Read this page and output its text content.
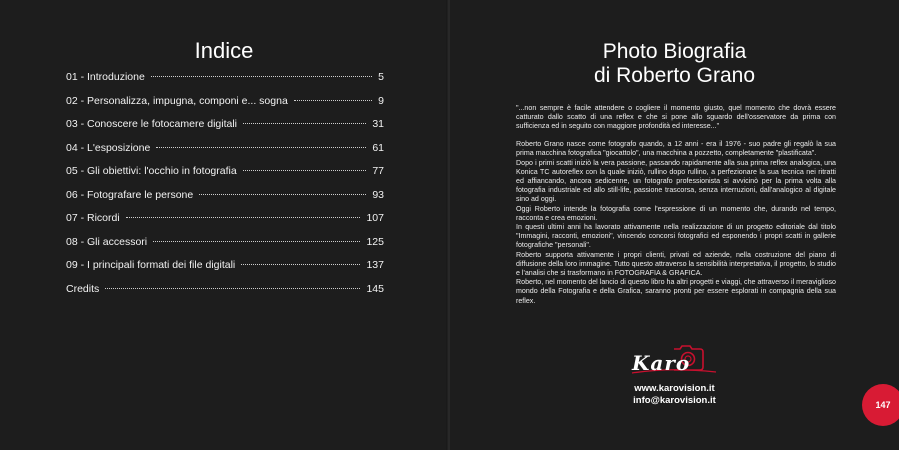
Indice
01 - Introduzione	5
02 - Personalizza, impugna, componi e... sogna	9
03 - Conoscere le fotocamere digitali	31
04 - L'esposizione	61
05 - Gli obiettivi: l'occhio in fotografia	77
06 - Fotografare le persone	93
07 - Ricordi	107
08 - Gli accessori	125
09 - I principali formati dei file digitali	137
Credits	145
Photo Biografia
di Roberto Grano

"...non sempre è facile attendere o cogliere il momento giusto, quel momento che dovrà essere catturato dallo scatto di una reflex e che si pone allo sguardo dell'osservatore da prima con sufficienza ed in seguito con maggiore profondità ed interesse..."

Roberto Grano nasce come fotografo quando, a 12 anni - era il 1976 - suo padre gli regalò la sua prima macchina fotografica "giocattolo", una macchina a pozzetto, completamente "plastificata".

Dopo i primi scatti iniziò la vera passione, passando rapidamente alla sua prima reflex analogica, una Konica TC autoreflex con la quale iniziò, rullino dopo rullino, a perfezionare la sua tecnica nei ritratti ed affiancando, ancora sedicenne, un fotografo professionista si avvicinò per la prima volta alla fotografia industriale ed allo still-life, passione trascorsa, senza interruzioni, dall'analogico al digitale sino ad oggi.

Oggi Roberto intende la fotografia come l'espressione di un momento che, durando nel tempo, racconta e crea emozioni.

In questi ultimi anni ha lavorato attivamente nella realizzazione di un progetto editoriale dal titolo "Immagini, racconti, emozioni", vincendo concorsi fotografici ed esponendo i propri scatti in gallerie fotografiche "personali".

Roberto supporta attivamente i propri clienti, privati ed aziende, nella costruzione del piano di diffusione della loro immagine. Tutto questo attraverso la sensibilità interpretativa, il progetto, lo studio e l'analisi che si trasformano in FOTOGRAFIA & GRAFICA.

Roberto, nel momento del lancio di questo libro ha altri progetti e viaggi, che attraverso il meraviglioso mondo della Fotografia e della Grafica, saranno pronti per essere esplorati in compagnia della sua reflex.

Karo
www.karovision.it
info@karovision.it	147
